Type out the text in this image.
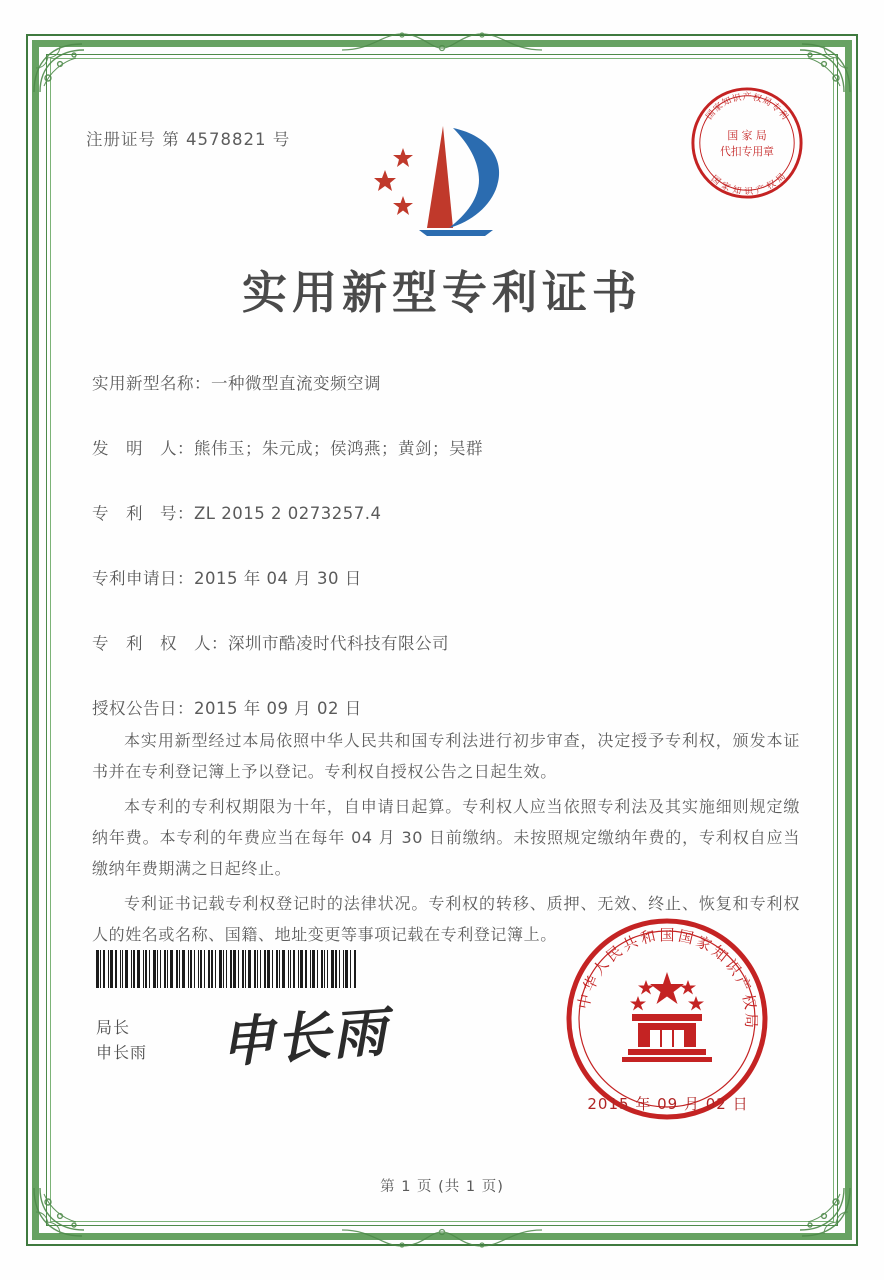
注册证号 第 4578821 号
国
家
知
识 产 权
局
专
利
国
家 知 识 产 权
局
国 家 局
代扣专用章
实用新型专利证书
实用新型名称： 一种微型直流变频空调
发　明　人： 熊伟玉；朱元成；侯鸿燕；黄剑；吴群
专　利　号： ZL 2015 2 0273257.4
专利申请日： 2015 年 04 月 30 日
专　利　权　人： 深圳市酷凌时代科技有限公司
授权公告日： 2015 年 09 月 02 日

本实用新型经过本局依照中华人民共和国专利法进行初步审查，决定授予专利权，颁发本证书并在专利登记簿上予以登记。专利权自授权公告之日起生效。

本专利的专利权期限为十年，自申请日起算。专利权人应当依照专利法及其实施细则规定缴纳年费。本专利的年费应当在每年 04 月 30 日前缴纳。未按照规定缴纳年费的，专利权自应当缴纳年费期满之日起终止。

专利证书记载专利权登记时的法律状况。专利权的转移、质押、无效、终止、恢复和专利权人的姓名或名称、国籍、地址变更等事项记载在专利登记簿上。

申长雨
局长
申长雨
中
华
人
民
共
和 国 国
家
知
识
产
权
局
2015 年 09 月 02 日
第 1 页 (共 1 页)
